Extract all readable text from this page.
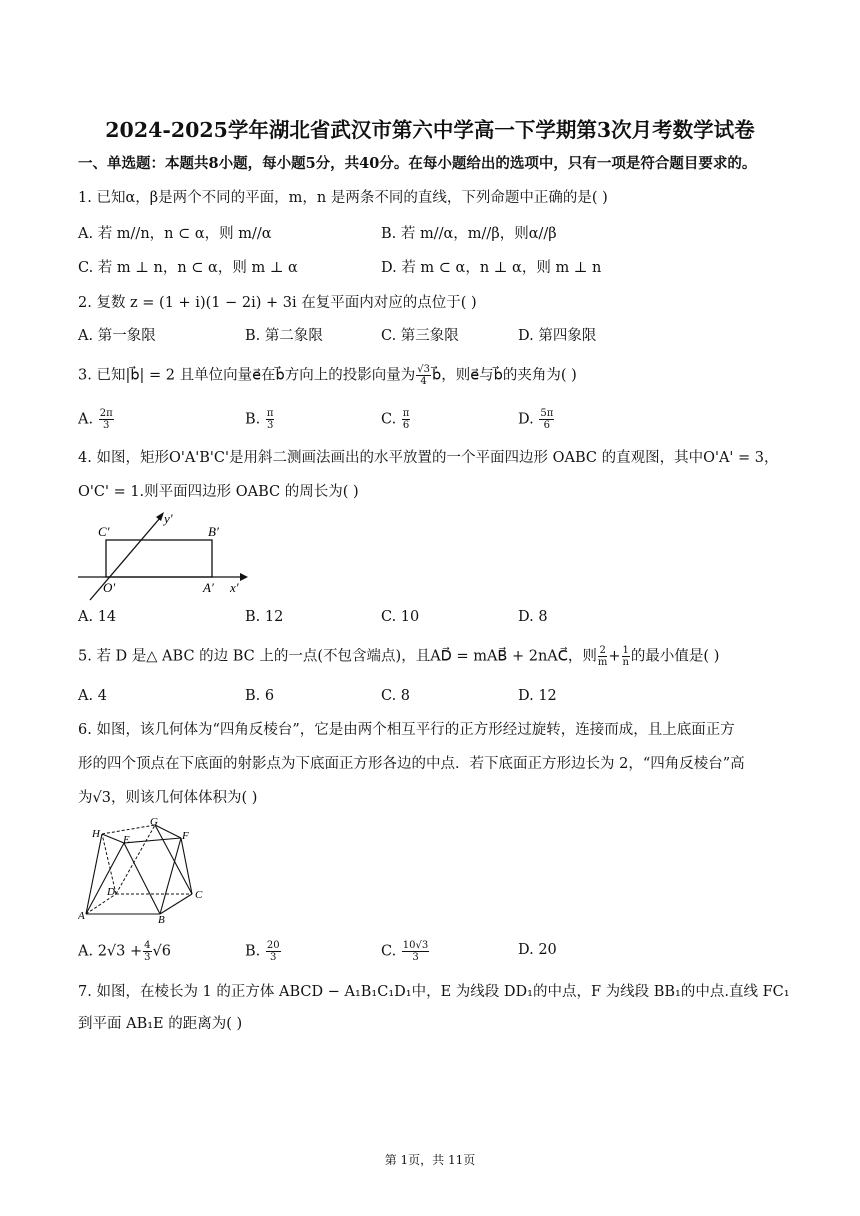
2024-2025学年湖北省武汉市第六中学高一下学期第3次月考数学试卷
一、单选题：本题共8小题，每小题5分，共40分。在每小题给出的选项中，只有一项是符合题目要求的。
1. 已知α，β是两个不同的平面，m，n 是两条不同的直线，下列命题中正确的是( )
A. 若 m//n，n ⊂ α，则 m//α	B. 若 m//α，m//β，则α//β
C. 若 m ⊥ n，n ⊂ α，则 m ⊥ α	D. 若 m ⊂ α，n ⊥ α，则 m ⊥ n
2. 复数 z = (1 + i)(1 − 2i) + 3i 在复平面内对应的点位于( )
A. 第一象限	B. 第二象限	C. 第三象限	D. 第四象限
3. 已知|b⃗| = 2 且单位向量e⃗在b⃗方向上的投影向量为 $\frac{√3}{4}$ b⃗，则e⃗与b⃗的夹角为( )
A. $\frac{2\pi}{3}$	B. $\frac{\pi}{3}$	C. $\frac{\pi}{6}$	D. $\frac{5\pi}{6}$
4. 如图，矩形O'A'B'C'是用斜二测画法画出的水平放置的一个平面四边形 OABC 的直观图，其中O'A' = 3，
O'C' = 1.则平面四边形 OABC 的周长为( )
C′	B′
O′	A′ x′
y′
A. 14	B. 12	C. 10	D. 8
5. 若 D 是△ ABC 的边 BC 上的一点(不包含端点)，且AD⃗ = mAB⃗ + 2nAC⃗，则 $\frac{2}{m} + \frac{1}{n}$ 的最小值是( )
A. 4	B. 6	C. 8	D. 12
6. 如图，该几何体为“四角反棱台”，它是由两个相互平行的正方形经过旋转，连接而成，且上底面正方
形的四个顶点在下底面的射影点为下底面正方形各边的中点．若下底面正方形边长为 2，“四角反棱台”高
为√3，则该几何体体积为( )
H
G
F
E
D	C
A	B
A. $2√3 + \frac{4}{3} √6$	B. $\frac{20}{3}$	C. $\frac{10√3}{3}$	D. 20
7. 如图，在棱长为 1 的正方体 ABCD − A₁B₁C₁D₁中，E 为线段 DD₁的中点，F 为线段 BB₁的中点.直线 FC₁
到平面 AB₁E 的距离为( )
第 1页，共 11页
